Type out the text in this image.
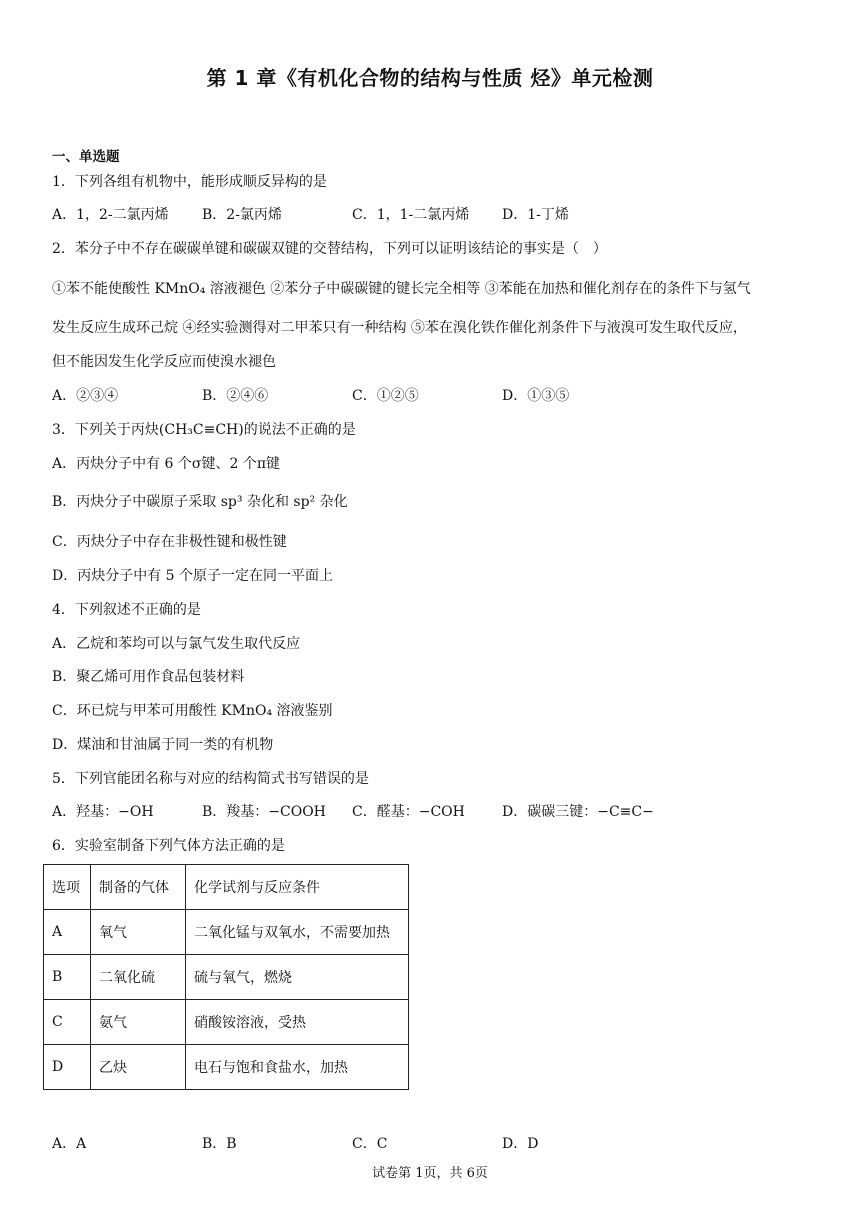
第 1 章《有机化合物的结构与性质 烃》单元检测
一、单选题
1．下列各组有机物中，能形成顺反异构的是
A．1，2-二氯丙烯 B．2-氯丙烯	C．1，1-二氯丙烯 D．1-丁烯
2．苯分子中不存在碳碳单键和碳碳双键的交替结构，下列可以证明该结论的事实是（　）
①苯不能使酸性 KMnO₄ 溶液褪色 ②苯分子中碳碳键的键长完全相等 ③苯能在加热和催化剂存在的条件下与氢气
发生反应生成环己烷 ④经实验测得对二甲苯只有一种结构 ⑤苯在溴化铁作催化剂条件下与液溴可发生取代反应，
但不能因发生化学反应而使溴水褪色
A．②③④	B．②④⑥	C．①②⑤	D．①③⑤
3．下列关于丙炔(CH₃C≡CH)的说法不正确的是
A．丙炔分子中有 6 个σ键、2 个π键
B．丙炔分子中碳原子采取 sp³ 杂化和 sp² 杂化
C．丙炔分子中存在非极性键和极性键
D．丙炔分子中有 5 个原子一定在同一平面上
4．下列叙述不正确的是
A．乙烷和苯均可以与氯气发生取代反应
B．聚乙烯可用作食品包装材料
C．环已烷与甲苯可用酸性 KMnO₄ 溶液鉴别
D．煤油和甘油属于同一类的有机物
5．下列官能团名称与对应的结构简式书写错误的是
A．羟基：−OH	B．羧基：−COOH C．醛基：−COH	D．碳碳三键：−C≡C−
6．实验室制备下列气体方法正确的是
选项	制备的气体	化学试剂与反应条件
A	氧气	二氧化锰与双氧水，不需要加热
B	二氧化硫	硫与氧气，燃烧
C	氨气	硝酸铵溶液，受热
D	乙炔	电石与饱和食盐水，加热
A．A	B．B	C．C	D．D
试卷第 1页，共 6页
